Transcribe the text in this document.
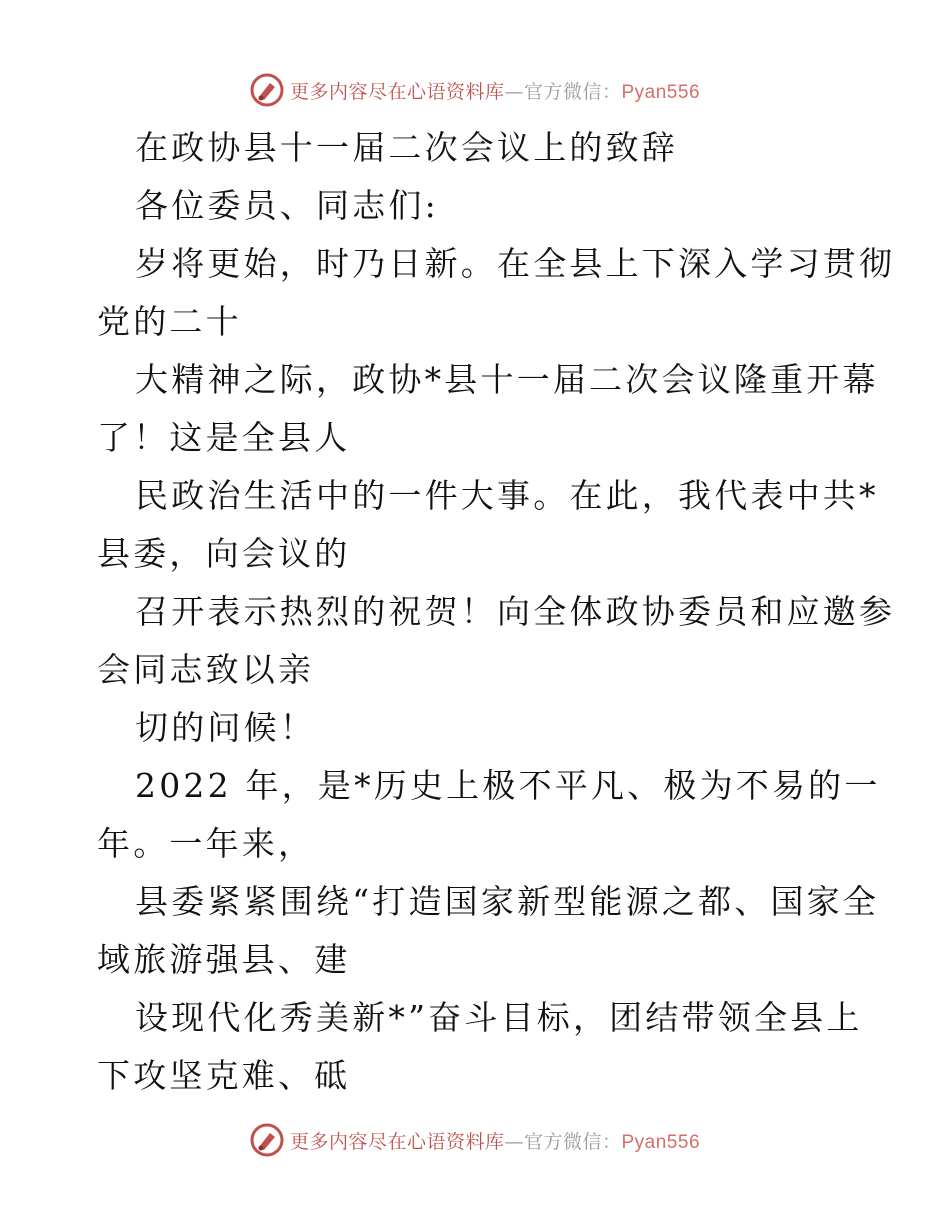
更多内容尽在心语资料库—官方微信：Pyan556
在政协县十一届二次会议上的致辞
各位委员、同志们:
岁将更始，时乃日新。在全县上下深入学习贯彻
党的二十
大精神之际，政协*县十一届二次会议隆重开幕
了！这是全县人
民政治生活中的一件大事。在此，我代表中共*
县委，向会议的
召开表示热烈的祝贺！向全体政协委员和应邀参
会同志致以亲
切的问候！
2022 年，是*历史上极不平凡、极为不易的一
年。一年来，
县委紧紧围绕“打造国家新型能源之都、国家全
域旅游强县、建
设现代化秀美新*”奋斗目标，团结带领全县上
下攻坚克难、砥
更多内容尽在心语资料库—官方微信：Pyan556
